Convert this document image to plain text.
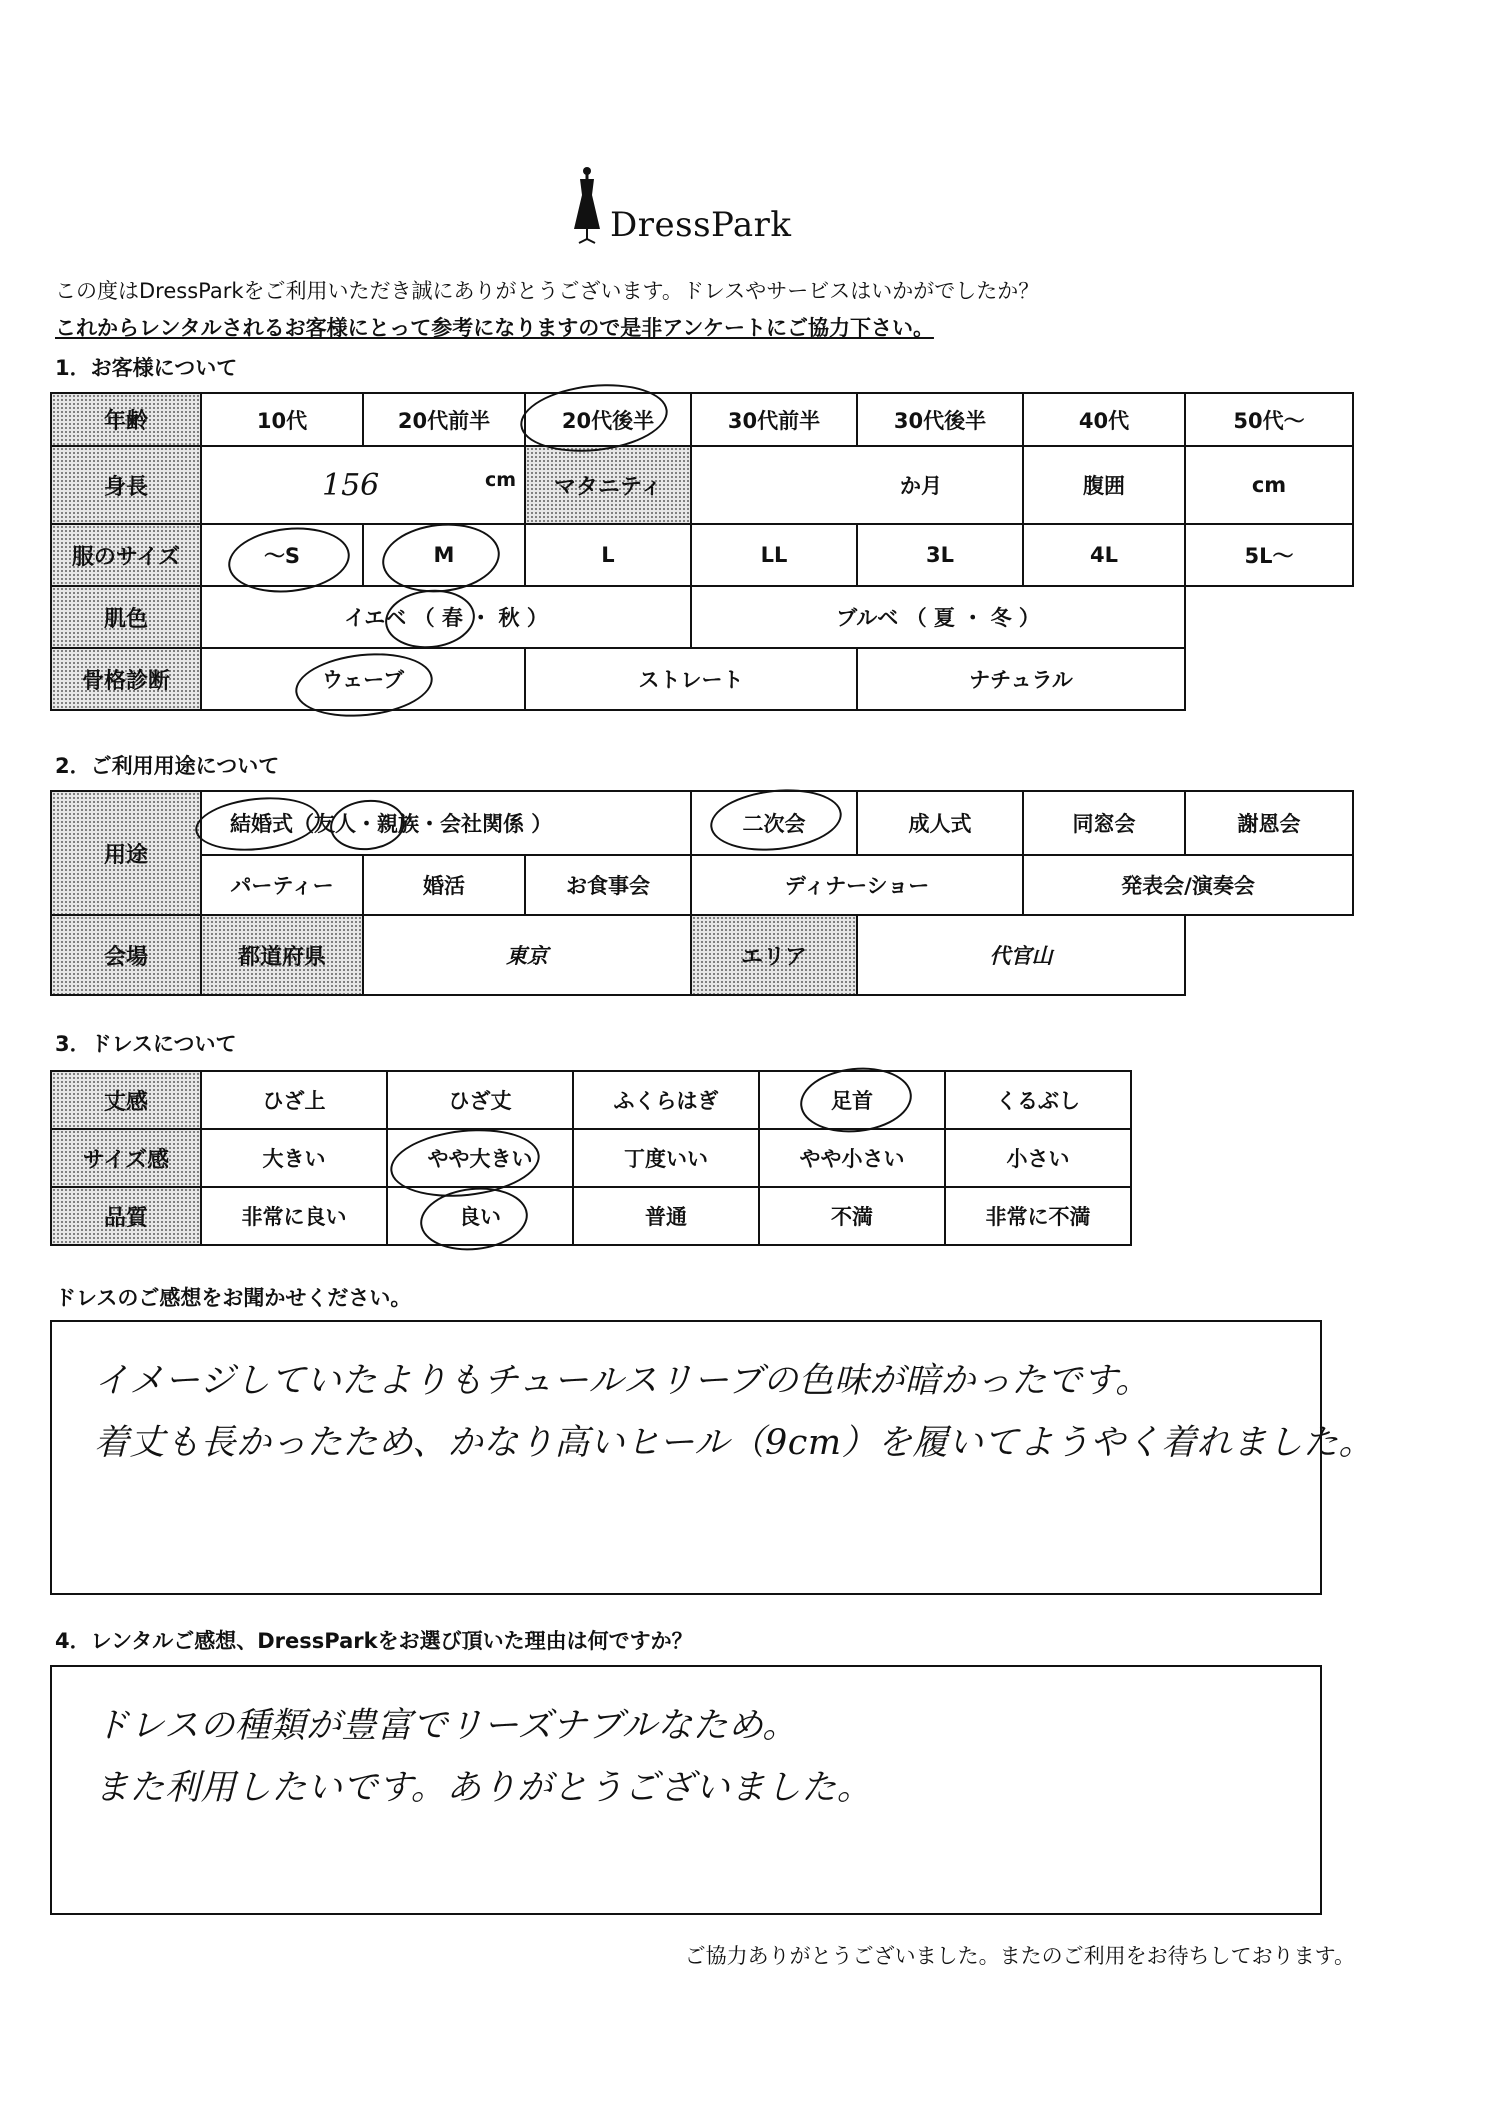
DressPark
この度はDressParkをご利用いただき誠にありがとうございます。ドレスやサービスはいかがでしたか？
これからレンタルされるお客様にとって参考になりますので是非アンケートにご協力下さい。
1．お客様について
年齢	10代	20代前半	20代後半	30代前半	30代後半	40代	50代～
身長	156 cm		マタニティ	か月		腹囲	cm
服のサイズ	～S	M	L	LL	3L	4L	5L～
肌色	イエベ （ 春 ・ 秋 ）			ブルベ （ 夏 ・ 冬 ）			
骨格診断	ウェーブ		ストレート		ナチュラル		
2．ご利用用途について
用途	結婚式（友人・親族・会社関係 ）			二次会	成人式	同窓会	謝恩会
	パーティー	婚活	お食事会	ディナーショー		発表会/演奏会	
会場	都道府県	東京		エリア	代官山		
3．ドレスについて
丈感	ひざ上	ひざ丈	ふくらはぎ	足首	くるぶし
サイズ感	大きい	やや大きい	丁度いい	やや小さい	小さい
品質	非常に良い	良い	普通	不満	非常に不満
ドレスのご感想をお聞かせください。

イメージしていたよりもチュールスリーブの色味が暗かったです。

着丈も長かったため、かなり高いヒール（9cm）を履いてようやく着れました。

4．レンタルご感想、DressParkをお選び頂いた理由は何ですか？

ドレスの種類が豊富でリーズナブルなため。

また利用したいです。ありがとうございました。

ご協力ありがとうございました。またのご利用をお待ちしております。
